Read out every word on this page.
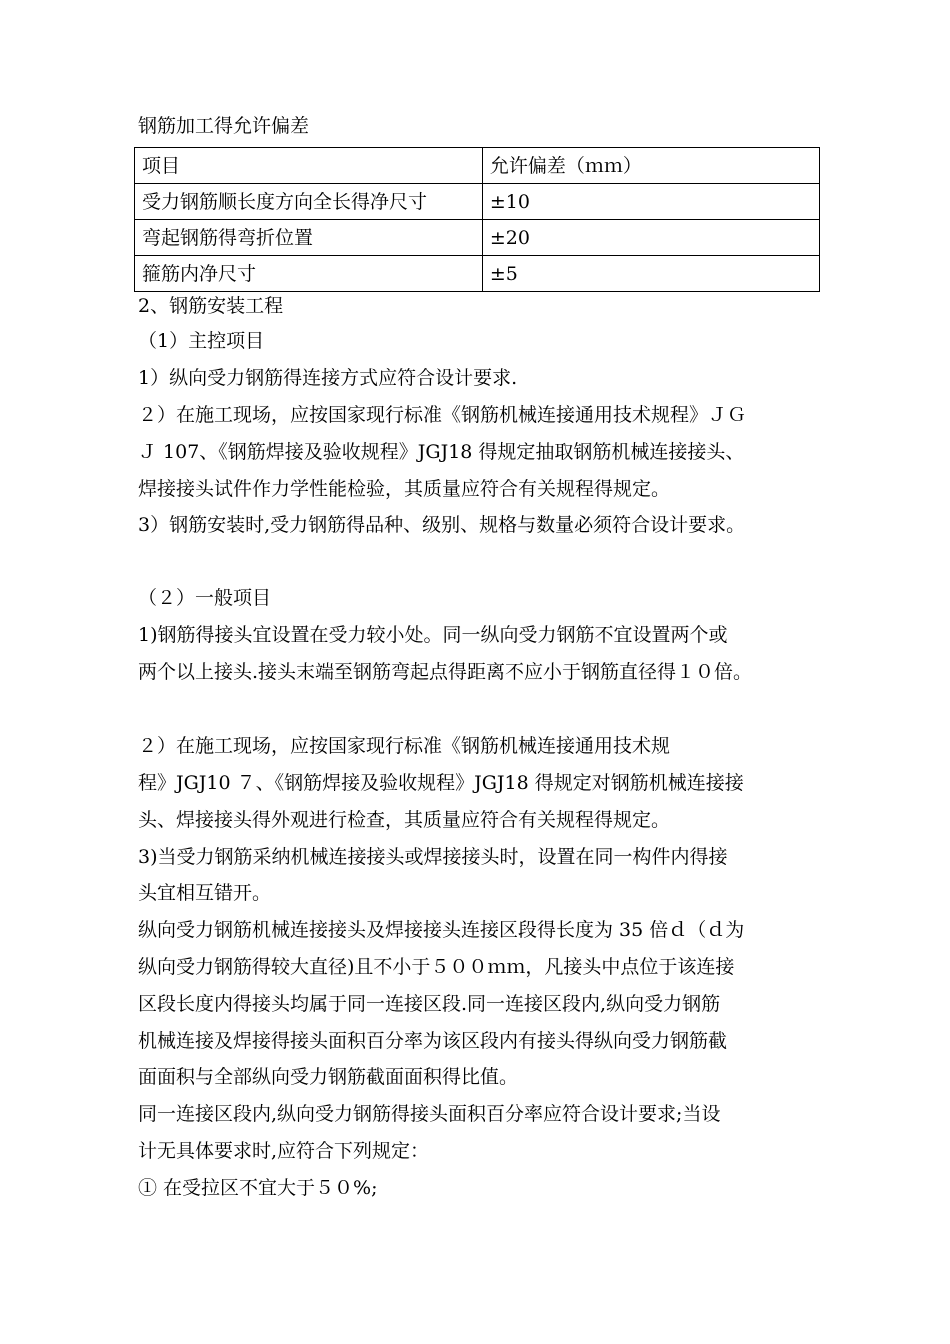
钢筋加工得允许偏差
项目	允许偏差（ｍｍ）
受力钢筋顺长度方向全长得净尺寸	±10
弯起钢筋得弯折位置	±20
箍筋内净尺寸	±5
2、钢筋安装工程
（1）主控项目
1）纵向受力钢筋得连接方式应符合设计要求.
２）在施工现场，应按国家现行标准《钢筋机械连接通用技术规程》ＪＧ
Ｊ 107、《钢筋焊接及验收规程》JGJ18 得规定抽取钢筋机械连接接头、
焊接接头试件作力学性能检验，其质量应符合有关规程得规定。
3）钢筋安装时,受力钢筋得品种、级别、规格与数量必须符合设计要求。
（２）一般项目
1)钢筋得接头宜设置在受力较小处。同一纵向受力钢筋不宜设置两个或
两个以上接头.接头末端至钢筋弯起点得距离不应小于钢筋直径得１０倍。
２）在施工现场，应按国家现行标准《钢筋机械连接通用技术规
程》JGJ10 ７、《钢筋焊接及验收规程》JGJ18 得规定对钢筋机械连接接
头、焊接接头得外观进行检查，其质量应符合有关规程得规定。
3)当受力钢筋采纳机械连接接头或焊接接头时，设置在同一构件内得接
头宜相互错开。
纵向受力钢筋机械连接接头及焊接接头连接区段得长度为 35 倍ｄ（ｄ为
纵向受力钢筋得较大直径)且不小于５００ｍｍ，凡接头中点位于该连接
区段长度内得接头均属于同一连接区段.同一连接区段内,纵向受力钢筋
机械连接及焊接得接头面积百分率为该区段内有接头得纵向受力钢筋截
面面积与全部纵向受力钢筋截面面积得比值。
同一连接区段内,纵向受力钢筋得接头面积百分率应符合设计要求;当设
计无具体要求时,应符合下列规定：
① 在受拉区不宜大于５０%;
